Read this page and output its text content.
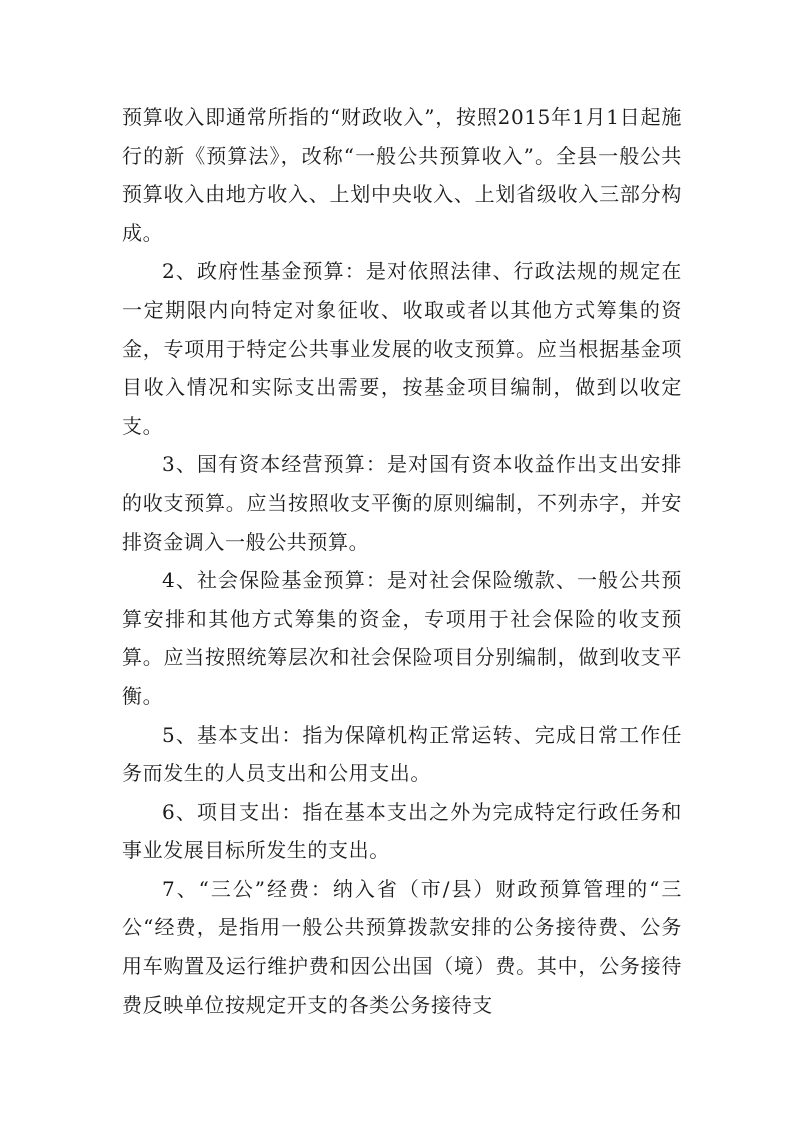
预算收入即通常所指的“财政收入”，按照2015年1月1日起施行的新《预算法》，改称“一般公共预算收入”。全县一般公共预算收入由地方收入、上划中央收入、上划省级收入三部分构成。

2、政府性基金预算：是对依照法律、行政法规的规定在一定期限内向特定对象征收、收取或者以其他方式筹集的资金，专项用于特定公共事业发展的收支预算。应当根据基金项目收入情况和实际支出需要，按基金项目编制，做到以收定支。

3、国有资本经营预算：是对国有资本收益作出支出安排的收支预算。应当按照收支平衡的原则编制，不列赤字，并安排资金调入一般公共预算。

4、社会保险基金预算：是对社会保险缴款、一般公共预算安排和其他方式筹集的资金，专项用于社会保险的收支预算。应当按照统筹层次和社会保险项目分别编制，做到收支平衡。

5、基本支出：指为保障机构正常运转、完成日常工作任务而发生的人员支出和公用支出。

6、项目支出：指在基本支出之外为完成特定行政任务和事业发展目标所发生的支出。

7、“三公”经费：纳入省（市/县）财政预算管理的“三公“经费，是指用一般公共预算拨款安排的公务接待费、公务用车购置及运行维护费和因公出国（境）费。其中，公务接待费反映单位按规定开支的各类公务接待支
